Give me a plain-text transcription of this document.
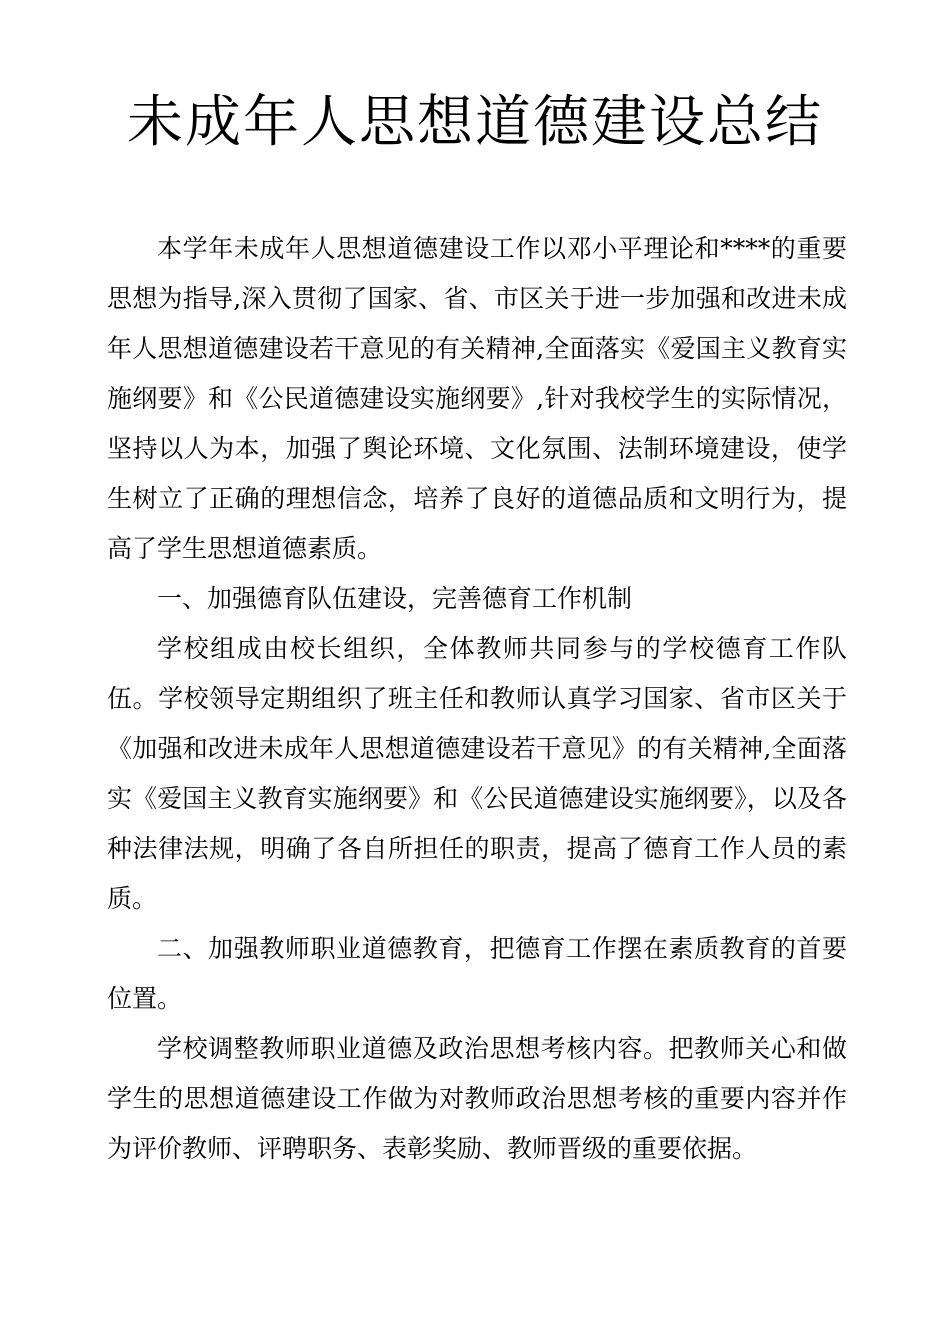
未成年人思想道德建设总结

本学年未成年人思想道德建设工作以邓小平理论和****的重要思想为指导,深入贯彻了国家、省、市区关于进一步加强和改进未成年人思想道德建设若干意见的有关精神,全面落实《爱国主义教育实施纲要》和《公民道德建设实施纲要》,针对我校学生的实际情况，坚持以人为本，加强了舆论环境、文化氛围、法制环境建设，使学生树立了正确的理想信念，培养了良好的道德品质和文明行为，提高了学生思想道德素质。

一、加强德育队伍建设，完善德育工作机制

学校组成由校长组织，全体教师共同参与的学校德育工作队伍。学校领导定期组织了班主任和教师认真学习国家、省市区关于《加强和改进未成年人思想道德建设若干意见》的有关精神,全面落实《爱国主义教育实施纲要》和《公民道德建设实施纲要》，以及各种法律法规，明确了各自所担任的职责，提高了德育工作人员的素质。

二、加强教师职业道德教育，把德育工作摆在素质教育的首要位置。

学校调整教师职业道德及政治思想考核内容。把教师关心和做学生的思想道德建设工作做为对教师政治思想考核的重要内容并作为评价教师、评聘职务、表彰奖励、教师晋级的重要依据。
